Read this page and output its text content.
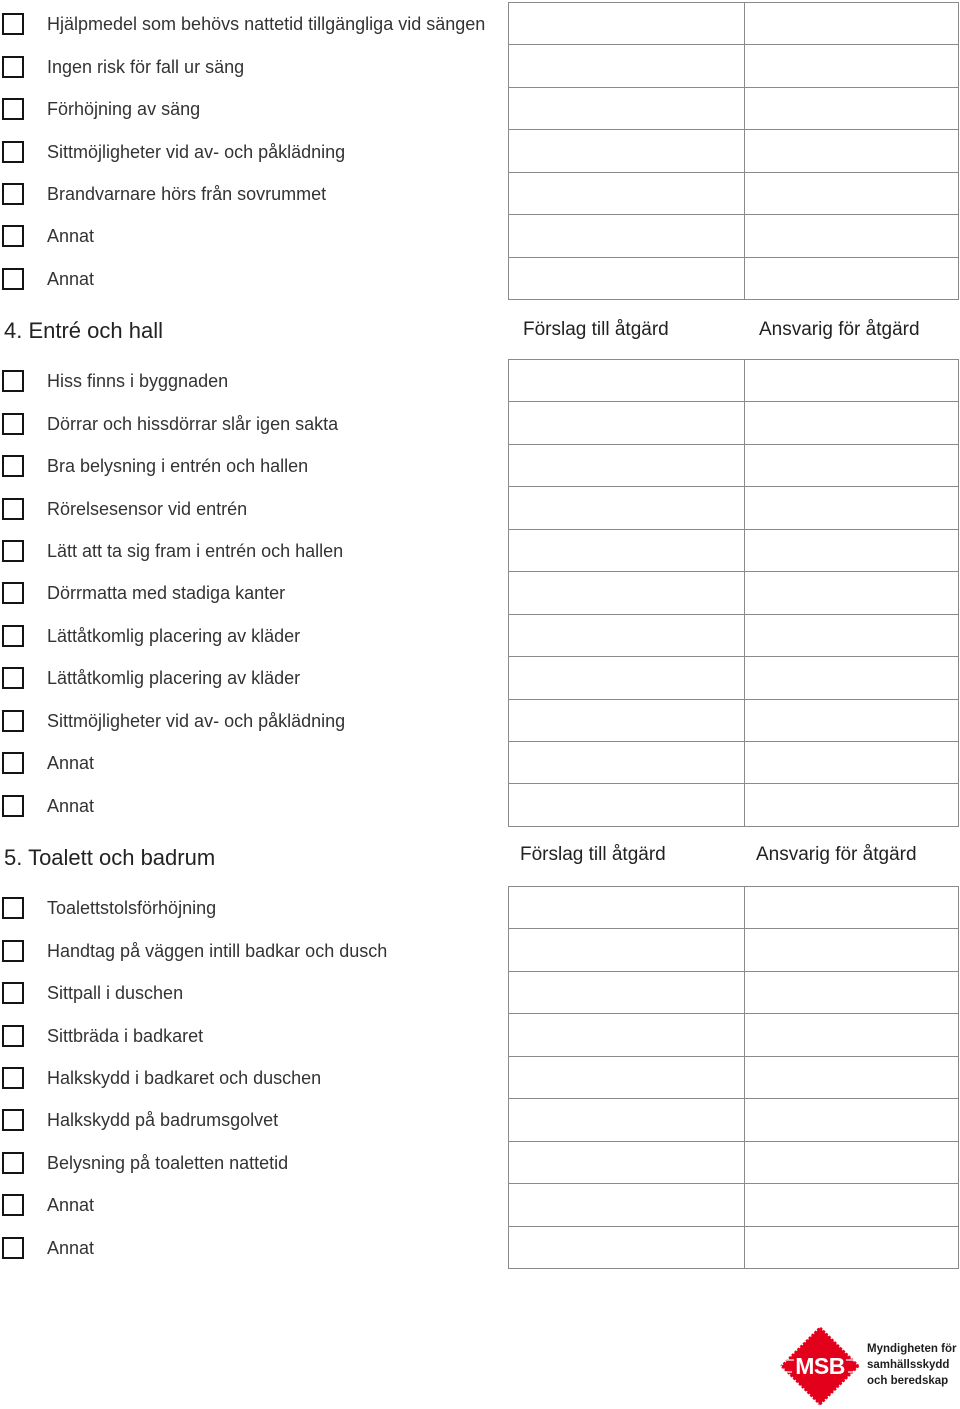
Hjälpmedel som behövs nattetid tillgängliga vid sängen
Ingen risk för fall ur säng
Förhöjning av säng
Sittmöjligheter vid av- och påklädning
Brandvarnare hörs från sovrummet
Annat
Annat
4. Entré och hall	Förslag till åtgärd	Ansvarig för åtgärd
Hiss finns i byggnaden
Dörrar och hissdörrar slår igen sakta
Bra belysning i entrén och hallen
Rörelsesensor vid entrén
Lätt att ta sig fram i entrén och hallen
Dörrmatta med stadiga kanter
Lättåtkomlig placering av kläder
Lättåtkomlig placering av kläder
Sittmöjligheter vid av- och påklädning
Annat
Annat
5. Toalett och badrum	Förslag till åtgärd	Ansvarig för åtgärd
Toalettstolsförhöjning
Handtag på väggen intill badkar och dusch
Sittpall i duschen
Sittbräda i badkaret
Halkskydd i badkaret och duschen
Halkskydd på badrumsgolvet
Belysning på toaletten nattetid
Annat
Annat
MSB
Myndigheten för
samhällsskydd
och beredskap
